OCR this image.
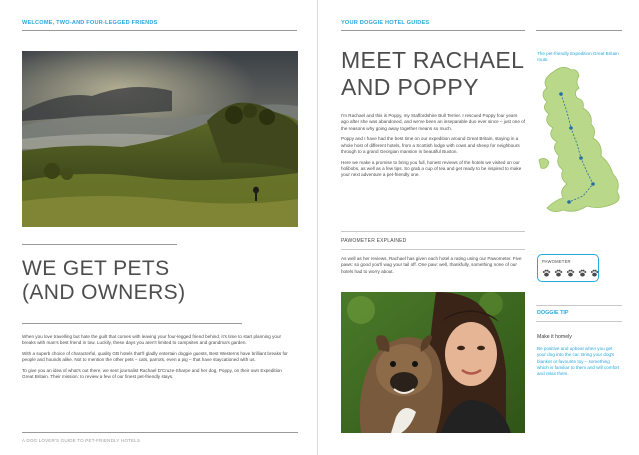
WELCOME, TWO-AND FOUR-LEGGED FRIENDS
WE GET PETS
(AND OWNERS)

When you love travelling but hate the guilt that comes with leaving your four-legged friend behind, it's time to start planning your breaks with man's best friend in tow. Luckily, these days you aren't limited to campsites and grandma's garden.

With a superb choice of characterful, quality GB hotels that'll gladly entertain doggie guests, Best Westerns have brilliant breaks for people and hounds alike. Not to mention the other pets – cats, parrots, even a pig – that have staycationed with us.

To give you an idea of what's out there, we sent journalist Rachael D'Cruze-Sharpe and her dog, Poppy, on their own Expedition Great Britain. Their mission: to review a few of our finest pet-friendly stays.

A DOG LOVER'S GUIDE TO PET-FRIENDLY HOTELS
YOUR DOGGIE HOTEL GUIDES
MEET RACHAEL
AND POPPY

I'm Rachael and this is Poppy, my Staffordshire Bull Terrier. I rescued Poppy four years ago after she was abandoned, and we've been an inseparable duo ever since – just one of the reasons why going away together means so much.

Poppy and I have had the best time on our expedition around Great Britain, staying in a whole host of different hotels, from a Scottish lodge with cows and sheep for neighbours through to a grand Georgian mansion in beautiful Buxton.

Here we make a promise to bring you full, honest reviews of the hotels we visited on our holibobs, as well as a few tips. So grab a cup of tea and get ready to be inspired to make your next adventure a pet-friendly one.

PAWOMETER EXPLAINED
As well as her reviews, Rachael has given each hotel a rating using our Pawometer. Five paws: so good you'll wag your tail off. One paw: well, thankfully, something none of our hotels had to worry about.
The pet-friendly Expedition Great Britain route.
PAWOMETER
DOGGIE TIP
Make it homely
Be positive and upbeat when you get your dog into the car. Bring your dog's blanket or favourite toy – something which is familiar to them and will comfort and relax them.
